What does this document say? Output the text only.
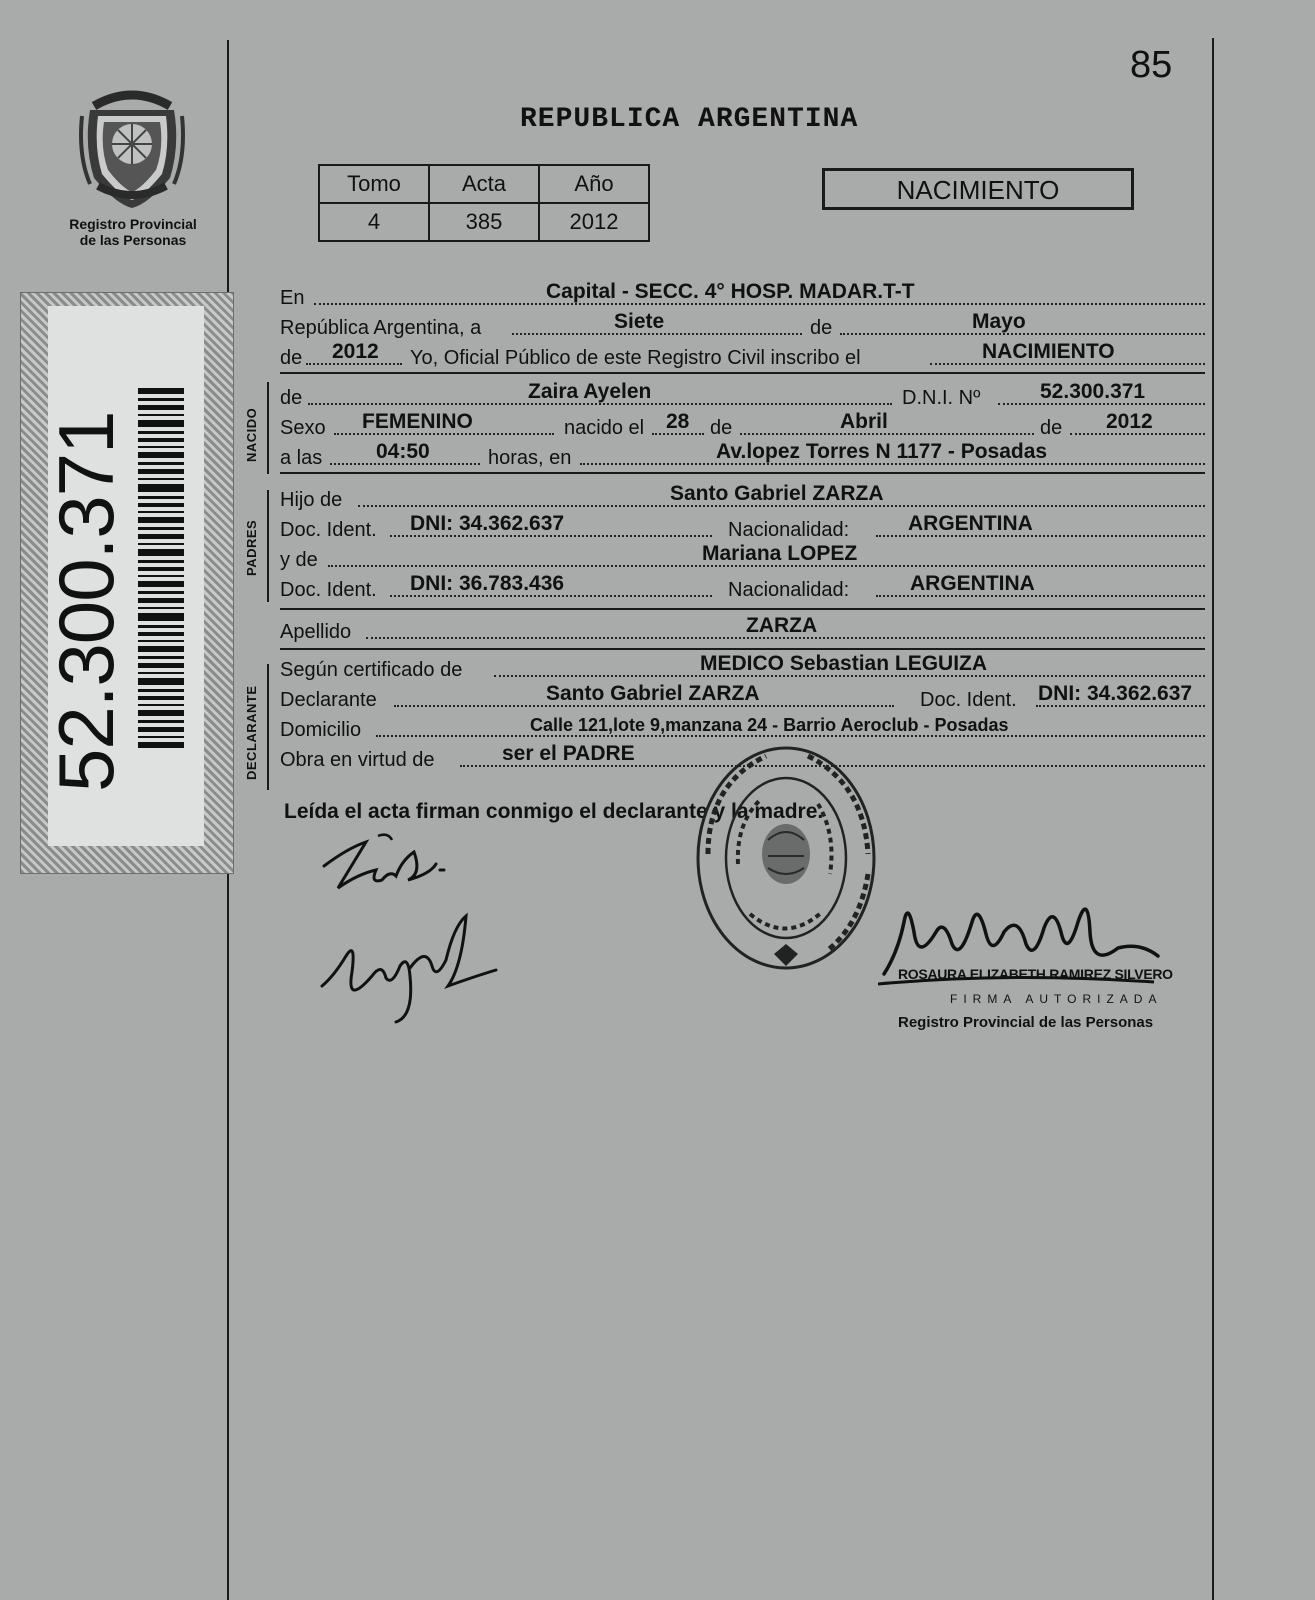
85
REPUBLICA ARGENTINA
Registro Provincial
de las Personas
52.300.371
Tomo	Acta	Año
4	385	2012
NACIMIENTO
En	Capital - SECC. 4° HOSP. MADAR.T-T
República Argentina, a	Siete	de	Mayo
de 2012 Yo, Oficial Público de este Registro Civil inscribo el	NACIMIENTO
NACIDO
de	Zaira Ayelen	D.N.I. Nº	52.300.371
Sexo FEMENINO	nacido el 28 de	Abril	de 2012
a las	04:50	horas, en	Av.lopez Torres N 1177 - Posadas
PADRES
Hijo de	Santo Gabriel ZARZA
Doc. Ident. DNI: 34.362.637	Nacionalidad:	ARGENTINA
y de	Mariana LOPEZ
Doc. Ident. DNI: 36.783.436	Nacionalidad:	ARGENTINA
Apellido	ZARZA
DECLARANTE
Según certificado de	MEDICO Sebastian LEGUIZA
Declarante	Santo Gabriel ZARZA	Doc. Ident. DNI: 34.362.637
Domicilio	Calle 121,lote 9,manzana 24 - Barrio Aeroclub - Posadas
Obra en virtud de	ser el PADRE
Leída el acta firman conmigo el declarante y la madre.
ROSAURA ELIZABETH RAMIREZ SILVERO
FIRMA AUTORIZADA
Registro Provincial de las Personas
